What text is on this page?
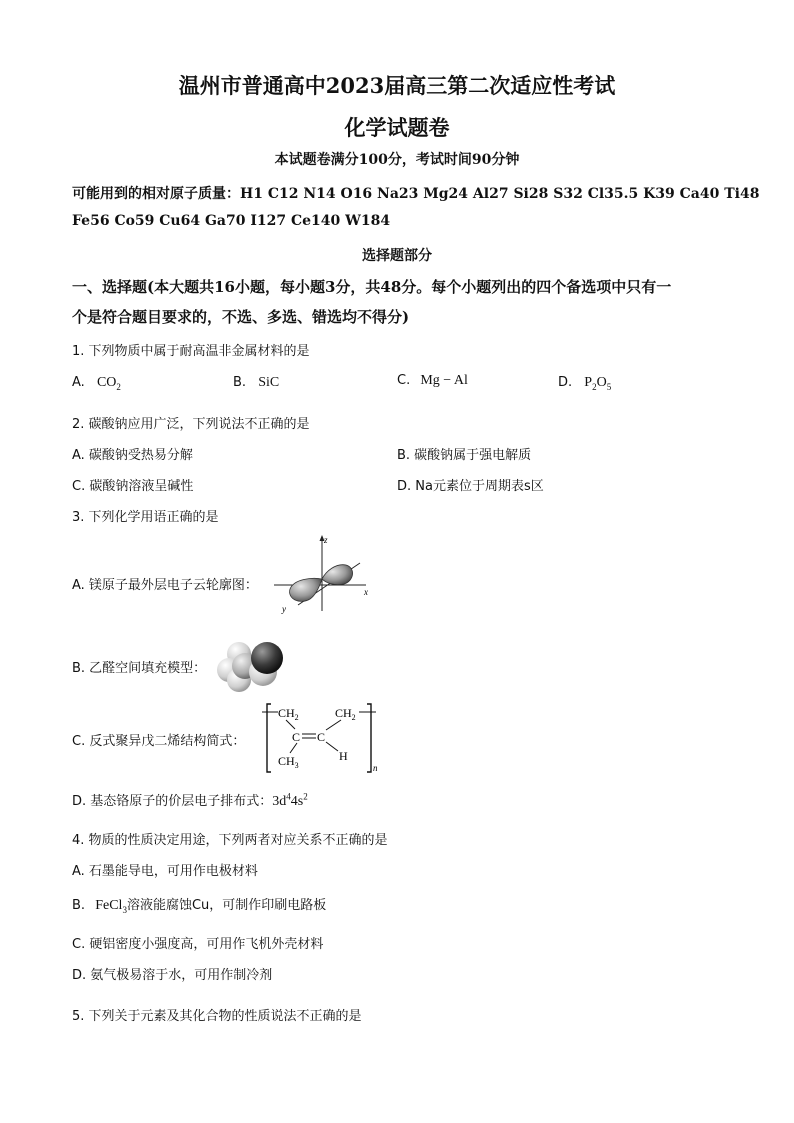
温州市普通高中2023届高三第二次适应性考试
化学试题卷
本试题卷满分100分，考试时间90分钟
可能用到的相对原子质量：H1 C12 N14 O16 Na23 Mg24 Al27 Si28 S32 Cl35.5 K39 Ca40 Ti48
Fe56 Co59 Cu64 Ga70 I127 Ce140 W184
选择题部分
一、选择题(本大题共16小题，每小题3分，共48分。每个小题列出的四个备选项中只有一
个是符合题目要求的，不选、多选、错选均不得分)
1. 下列物质中属于耐高温非金属材料的是
A. $CO_2$	B. SiC	C. Mg − Al	D. $P_2O_5$
2. 碳酸钠应用广泛，下列说法不正确的是
A. 碳酸钠受热易分解	B. 碳酸钠属于强电解质
C. 碳酸钠溶液呈碱性	D. Na元素位于周期表s区
3. 下列化学用语正确的是
A. 镁原子最外层电子云轮廓图：
z
x
y
B. 乙醛空间填充模型：
C. 反式聚异戊二烯结构简式：
$CH_2$	$CH_2$
C C
$CH_3$
H
n
D. 基态铬原子的价层电子排布式：$3d^44s^2$
4. 物质的性质决定用途，下列两者对应关系不正确的是
A. 石墨能导电，可用作电极材料
B. FeCl$_3$溶液能腐蚀Cu，可制作印刷电路板
C. 硬铝密度小强度高，可用作飞机外壳材料
D. 氨气极易溶于水，可用作制冷剂
5. 下列关于元素及其化合物的性质说法不正确的是
